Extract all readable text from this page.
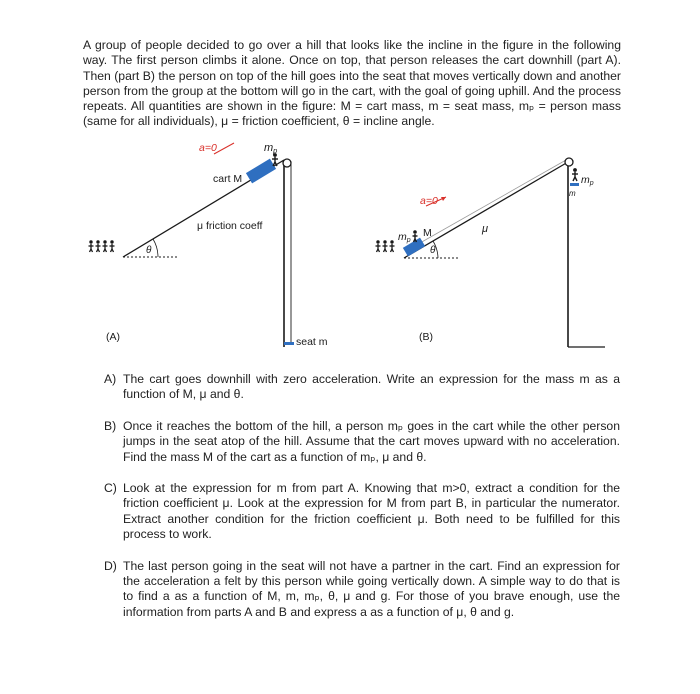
A group of people decided to go over a hill that looks like the incline in the figure in the following way. The first person climbs it alone. Once on top, that person releases the cart downhill (part A). Then (part B) the person on top of the hill goes into the seat that moves vertically down and another person from the group at the bottom will go in the cart, with the goal of going uphill. And the process repeats. All quantities are shown in the figure: M = cart mass, m = seat mass, mₚ = person mass (same for all individuals), μ = friction coefficient, θ = incline angle.

a=0	mp
cart M
μ friction coeff
θ
(A)	seat m
a=0
mp
M
θ
μ
mp
m
(B)
A) The cart goes downhill with zero acceleration. Write an expression for the mass m as a function of M, μ and θ.
B) Once it reaches the bottom of the hill, a person mₚ goes in the cart while the other person jumps in the seat atop of the hill. Assume that the cart moves upward with no acceleration. Find the mass M of the cart as a function of mₚ, μ and θ.
C) Look at the expression for m from part A. Knowing that m>0, extract a condition for the friction coefficient μ. Look at the expression for M from part B, in particular the numerator. Extract another condition for the friction coefficient μ. Both need to be fulfilled for this process to work.
D) The last person going in the seat will not have a partner in the cart. Find an expression for the acceleration a felt by this person while going vertically down. A simple way to do that is to find a as a function of M, m, mₚ, θ, μ and g. For those of you brave enough, use the information from parts A and B and express a as a function of μ, θ and g.
